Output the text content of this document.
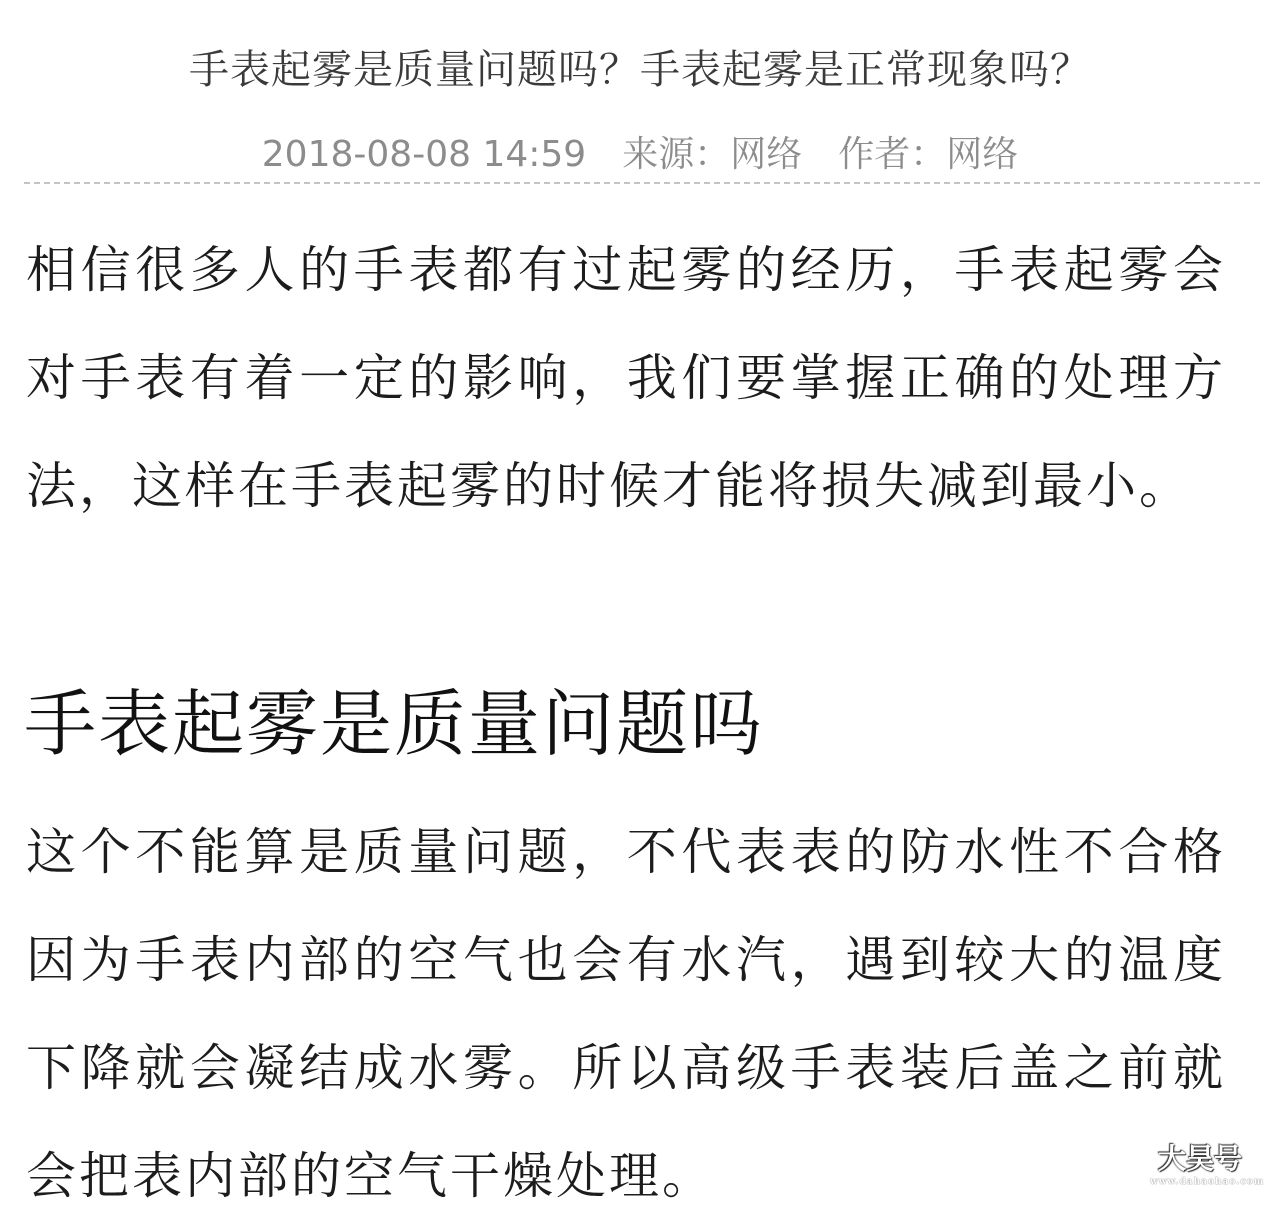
手表起雾是质量问题吗？手表起雾是正常现象吗？
2018-08-08 14:59 来源：网络 作者：网络

相信很多人的手表都有过起雾的经历，手表起雾会对手表有着一定的影响，我们要掌握正确的处理方法，这样在手表起雾的时候才能将损失减到最小。

手表起雾是质量问题吗

这个不能算是质量问题，不代表表的防水性不合格因为手表内部的空气也会有水汽，遇到较大的温度下降就会凝结成水雾。所以高级手表装后盖之前就会把表内部的空气干燥处理。	大昊号
www.dahaohao.com
